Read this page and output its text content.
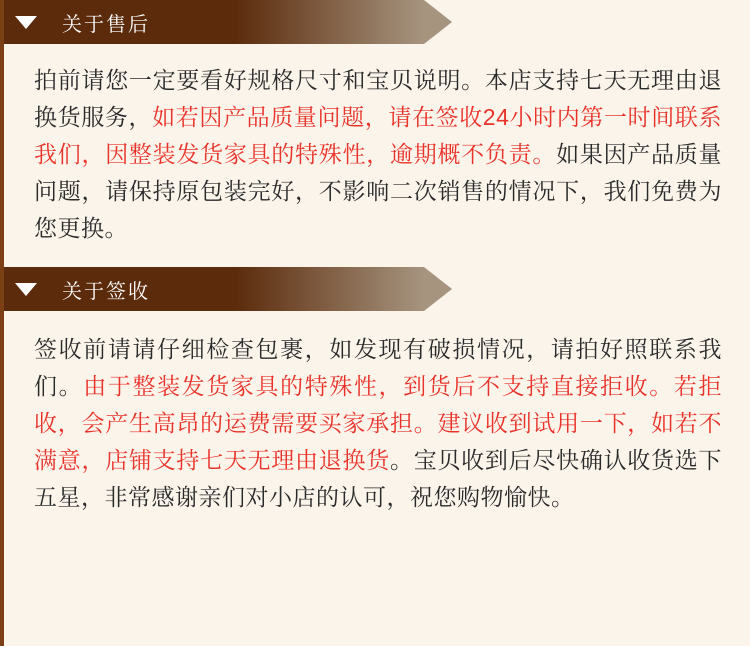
关于售后
拍前请您一定要看好规格尺寸和宝贝说明。本店支持七天无理由退换货服务，如若因产品质量问题，请在签收24小时内第一时间联系我们，因整装发货家具的特殊性，逾期概不负责。如果因产品质量问题，请保持原包装完好，不影响二次销售的情况下，我们免费为您更换。
关于签收
签收前请请仔细检查包裹，如发现有破损情况，请拍好照联系我们。由于整装发货家具的特殊性，到货后不支持直接拒收。若拒收，会产生高昂的运费需要买家承担。建议收到试用一下，如若不满意，店铺支持七天无理由退换货。宝贝收到后尽快确认收货选下五星，非常感谢亲们对小店的认可，祝您购物愉快。
